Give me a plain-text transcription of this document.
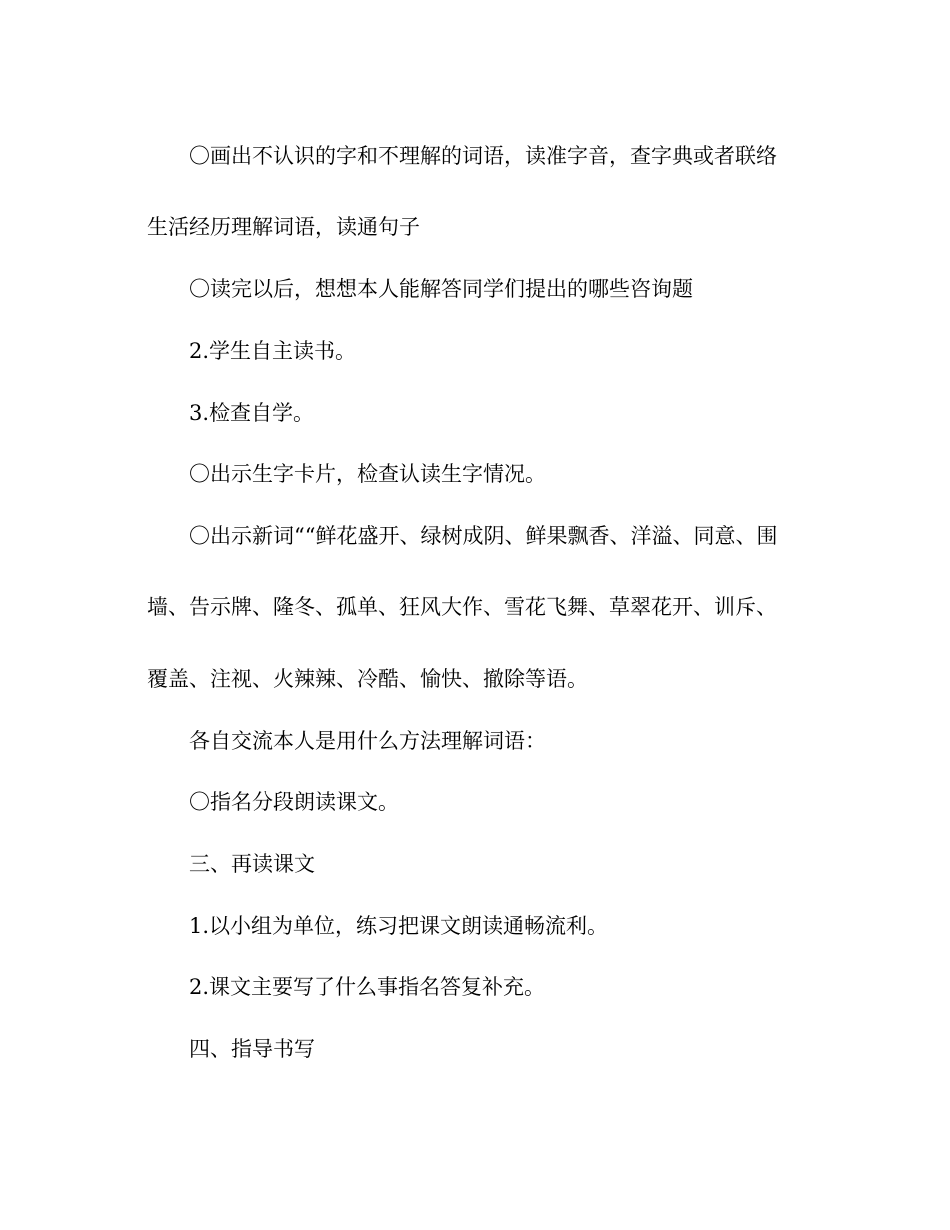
〇画出不认识的字和不理解的词语，读准字音，查字典或者联络
生活经历理解词语，读通句子
〇读完以后，想想本人能解答同学们提出的哪些咨询题
2.学生自主读书。
3.检查自学。
〇出示生字卡片，检查认读生字情况。
〇出示新词““鲜花盛开、绿树成阴、鲜果飘香、洋溢、同意、围
墙、告示牌、隆冬、孤单、狂风大作、雪花飞舞、草翠花开、训斥、
覆盖、注视、火辣辣、冷酷、愉快、撤除等语。
各自交流本人是用什么方法理解词语：
〇指名分段朗读课文。
三、再读课文
1.以小组为单位，练习把课文朗读通畅流利。
2.课文主要写了什么事指名答复补充。
四、指导书写
